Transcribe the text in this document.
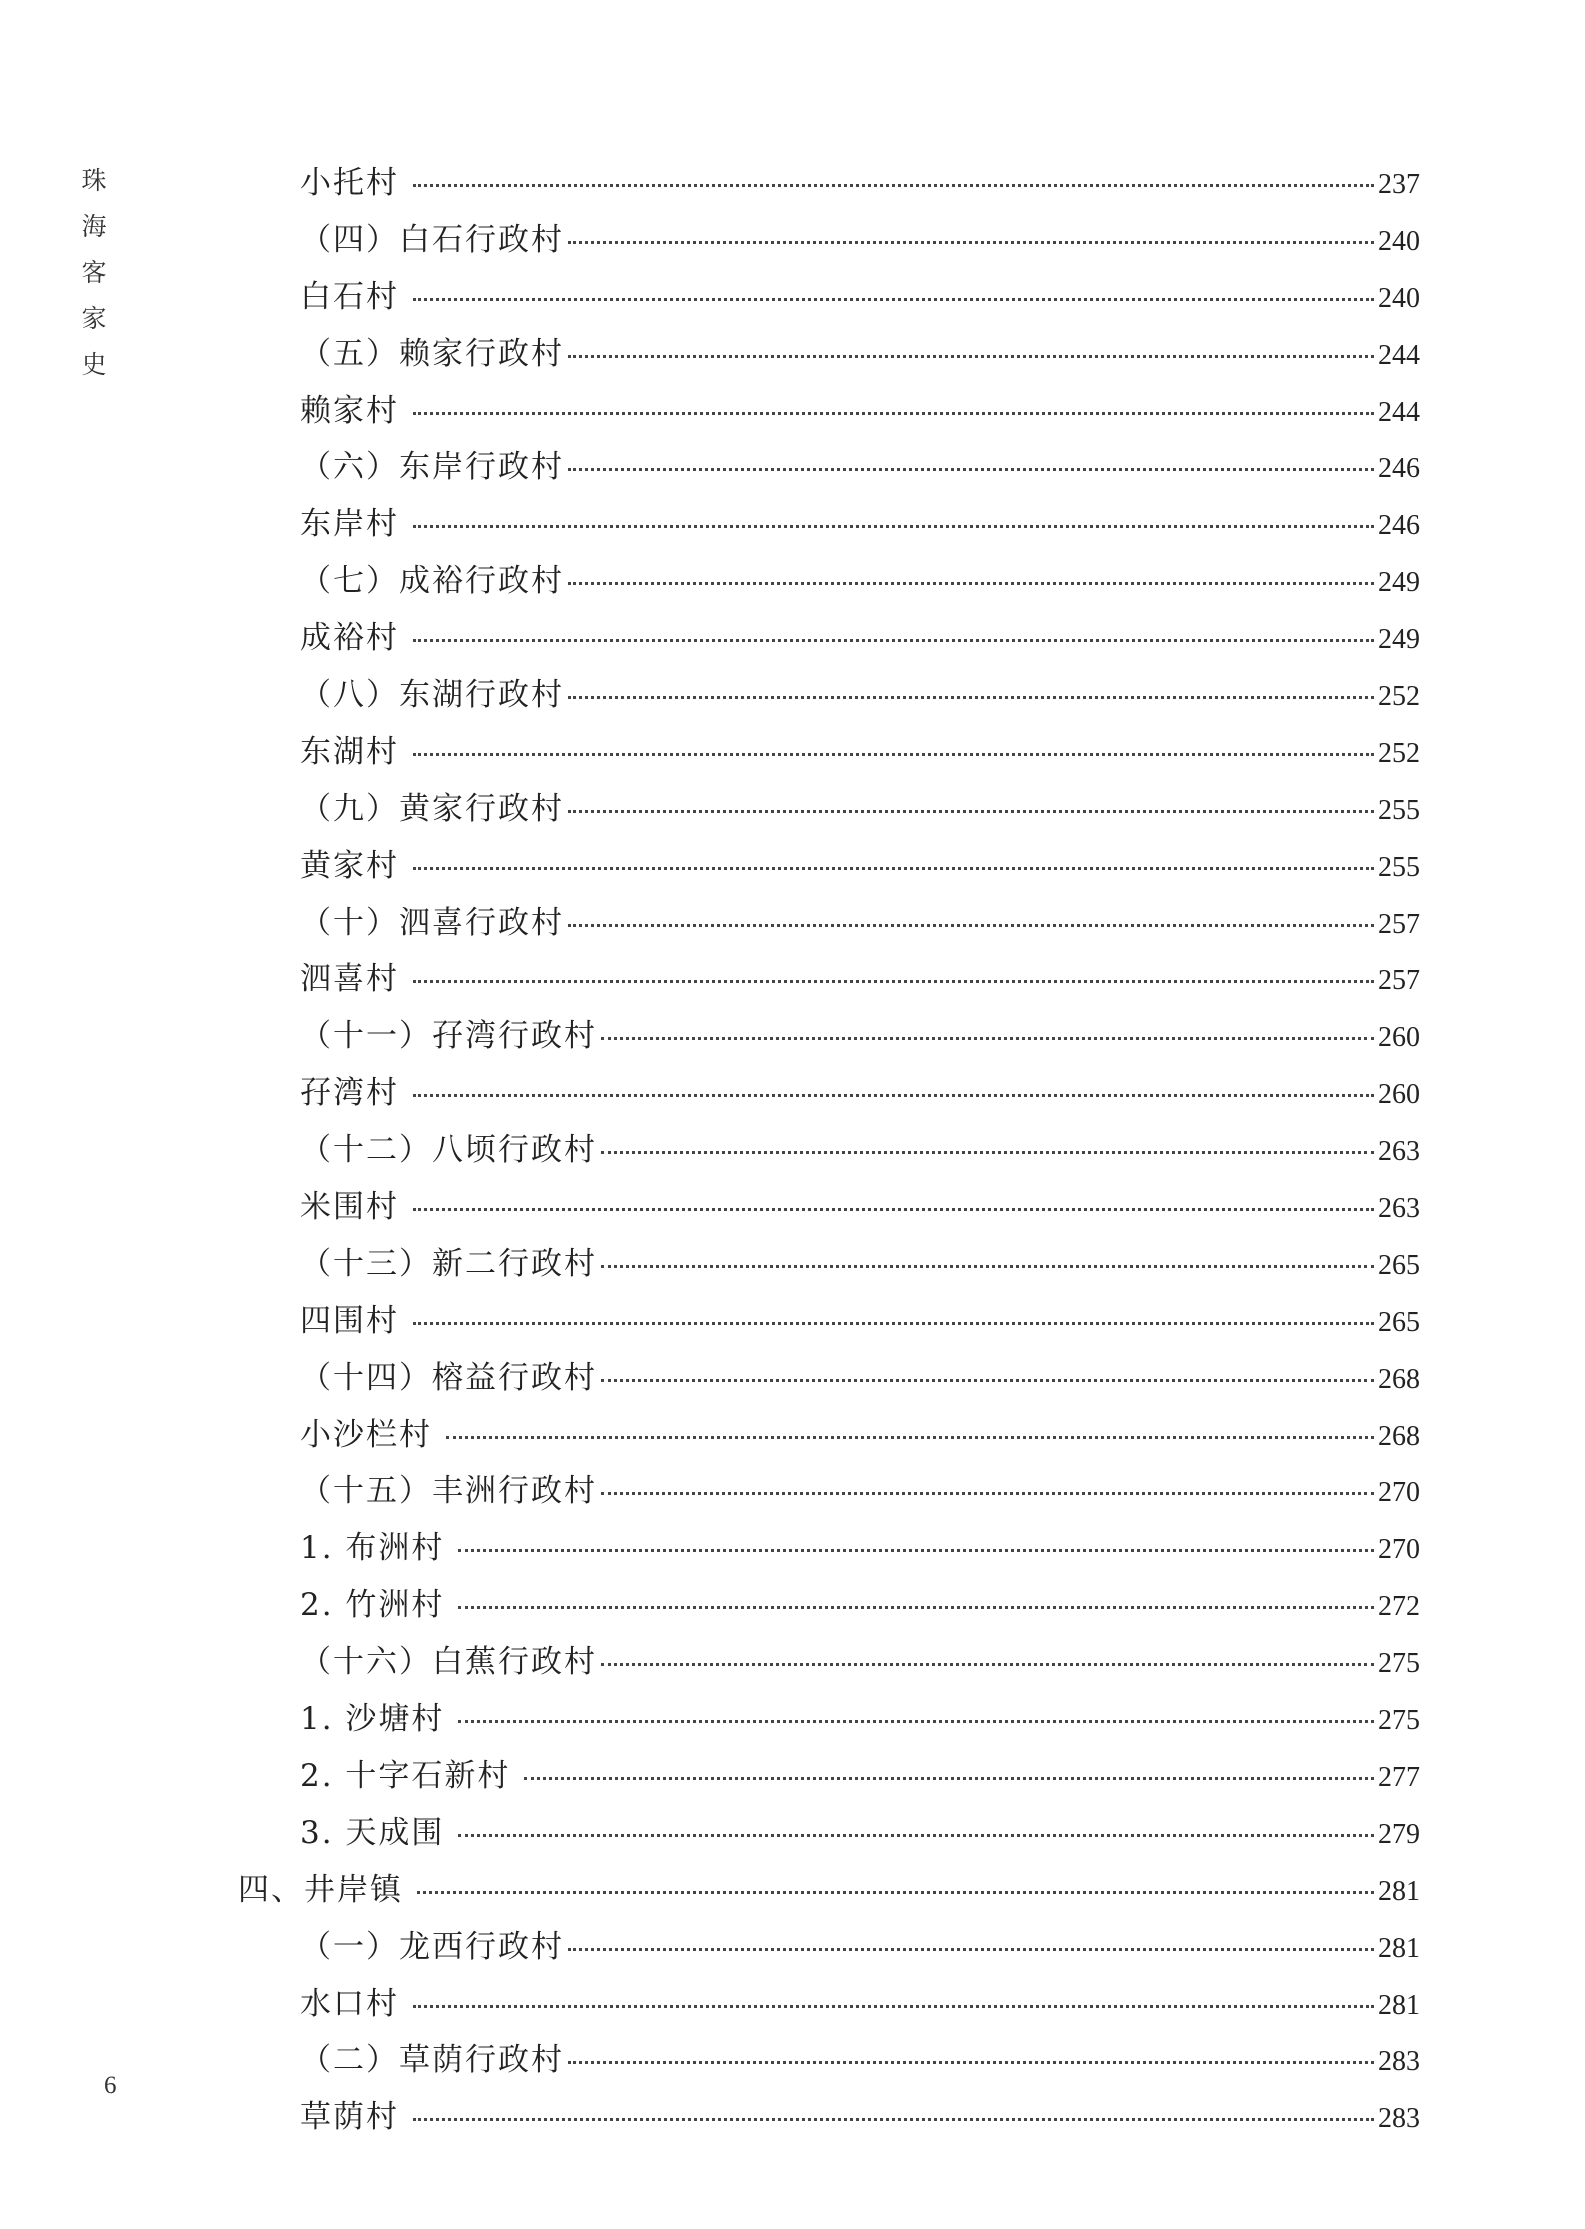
珠
海
客
家
史
小托村	237
（四）白石行政村	240
白石村	240
（五）赖家行政村	244
赖家村	244
（六）东岸行政村	246
东岸村	246
（七）成裕行政村	249
成裕村	249
（八）东湖行政村	252
东湖村	252
（九）黄家行政村	255
黄家村	255
（十）泗喜行政村	257
泗喜村	257
（十一）孖湾行政村	260
孖湾村	260
（十二）八顷行政村	263
米围村	263
（十三）新二行政村	265
四围村	265
（十四）榕益行政村	268
小沙栏村	268
（十五）丰洲行政村	270
1. 布洲村	270
2. 竹洲村	272
（十六）白蕉行政村	275
1. 沙塘村	275
2. 十字石新村	277
3. 天成围	279
四、井岸镇	281
（一）龙西行政村	281
水口村	281
（二）草荫行政村	283
草荫村	283
6
